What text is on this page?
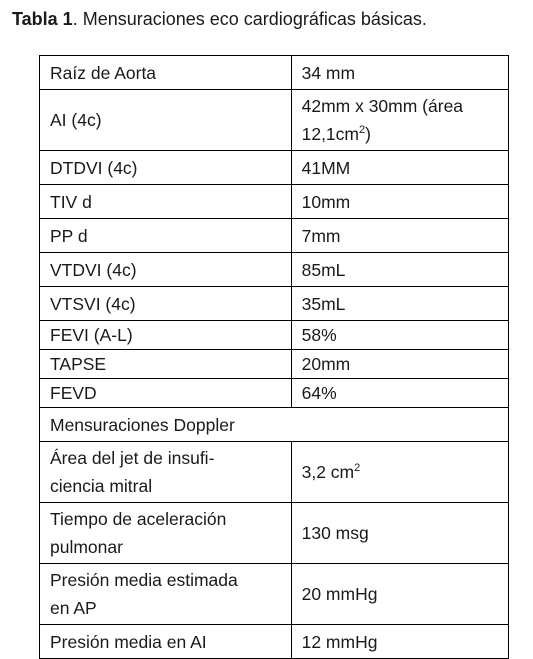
Tabla 1. Mensuraciones eco cardiográficas básicas.
Raíz de Aorta	34 mm
AI (4c)	42mm x 30mm (área
$12,1cm^2$)
DTDVI (4c)	41MM
TIV d	10mm
PP d	7mm
VTDVI (4c)	85mL
VTSVI (4c)	35mL
FEVI (A-L)	58%
TAPSE	20mm
FEVD	64%
Mensuraciones Doppler	
Área del jet de insufi-
ciencia mitral	3,2 $cm^2$
Tiempo de aceleración
pulmonar	130 msg
Presión media estimada
en AP	20 mmHg
Presión media en AI	12 mmHg
